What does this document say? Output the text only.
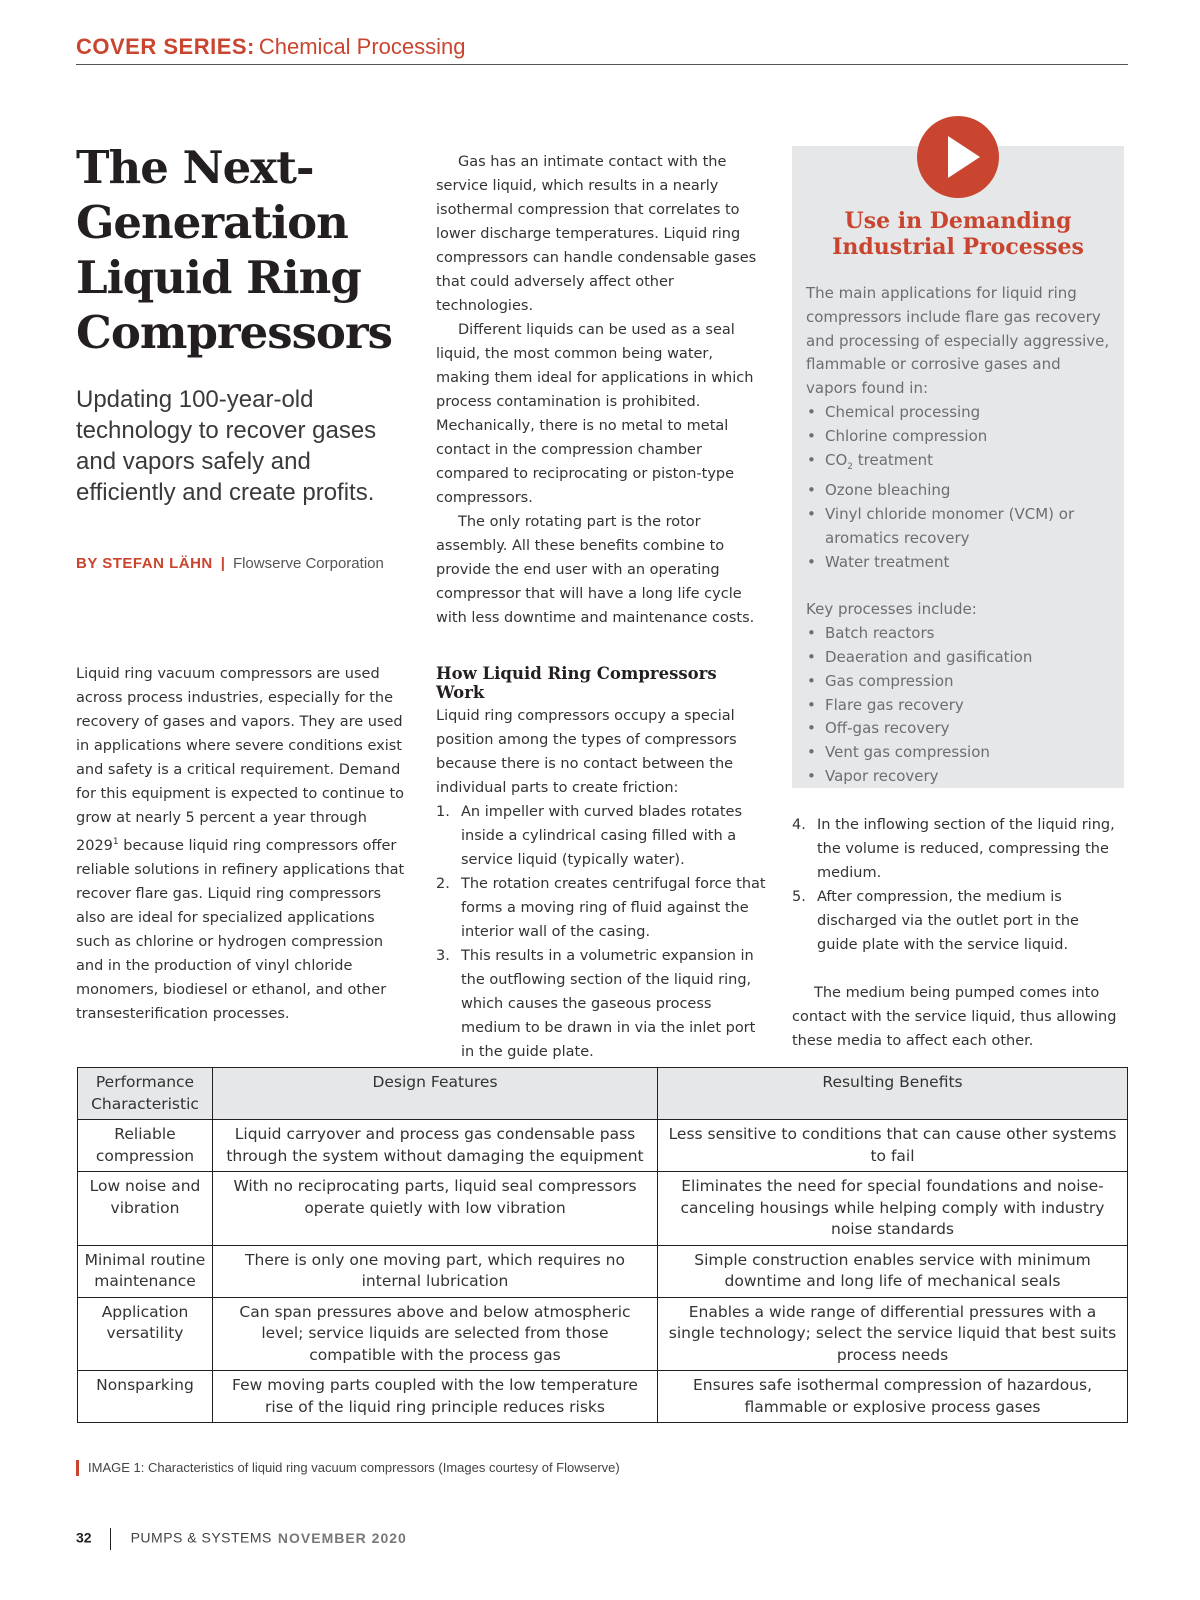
COVER SERIES: Chemical Processing
The Next-Generation Liquid Ring Compressors

Updating 100-year-old technology to recover gases and vapors safely and efficiently and create profits.

BY STEFAN LÄHN | Flowserve Corporation

Liquid ring vacuum compressors are used across process industries, especially for the recovery of gases and vapors. They are used in applications where severe conditions exist and safety is a critical requirement. Demand for this equipment is expected to continue to grow at nearly 5 percent a year through 2029$^1$ because liquid ring compressors offer reliable solutions in refinery applications that recover flare gas. Liquid ring compressors also are ideal for specialized applications such as chlorine or hydrogen compression and in the production of vinyl chloride monomers, biodiesel or ethanol, and other transesterification processes.

Gas has an intimate contact with the service liquid, which results in a nearly isothermal compression that correlates to lower discharge temperatures. Liquid ring compressors can handle condensable gases that could adversely affect other technologies.

Different liquids can be used as a seal liquid, the most common being water, making them ideal for applications in which process contamination is prohibited. Mechanically, there is no metal to metal contact in the compression chamber compared to reciprocating or piston-type compressors.

The only rotating part is the rotor assembly. All these benefits combine to provide the end user with an operating compressor that will have a long life cycle with less downtime and maintenance costs.

How Liquid Ring Compressors Work

Liquid ring compressors occupy a special position among the types of compressors because there is no contact between the individual parts to create friction:

1. An impeller with curved blades rotates inside a cylindrical casing filled with a service liquid (typically water).
2. The rotation creates centrifugal force that forms a moving ring of fluid against the interior wall of the casing.
3. This results in a volumetric expansion in the outflowing section of the liquid ring, which causes the gaseous process medium to be drawn in via the inlet port in the guide plate.
Use in Demanding
Industrial Processes

The main applications for liquid ring compressors include flare gas recovery and processing of especially aggressive, flammable or corrosive gases and vapors found in:

• Chemical processing
• Chlorine compression
• $CO_2$ treatment
• Ozone bleaching
• Vinyl chloride monomer (VCM) or aromatics recovery
• Water treatment

Key processes include:

• Batch reactors
• Deaeration and gasification
• Gas compression
• Flare gas recovery
• Off-gas recovery
• Vent gas compression
• Vapor recovery
4. In the inflowing section of the liquid ring, the volume is reduced, compressing the medium.
5. After compression, the medium is discharged via the outlet port in the guide plate with the service liquid.

The medium being pumped comes into contact with the service liquid, thus allowing these media to affect each other.

Performance Characteristic	Design Features	Resulting Benefits
Reliable compression	Liquid carryover and process gas condensable pass through the system without damaging the equipment	Less sensitive to conditions that can cause other systems to fail
Low noise and vibration	With no reciprocating parts, liquid seal compressors operate quietly with low vibration	Eliminates the need for special foundations and noise-canceling housings while helping comply with industry noise standards
Minimal routine maintenance	There is only one moving part, which requires no internal lubrication	Simple construction enables service with minimum downtime and long life of mechanical seals
Application versatility	Can span pressures above and below atmospheric level; service liquids are selected from those compatible with the process gas	Enables a wide range of differential pressures with a single technology; select the service liquid that best suits process needs
Nonsparking	Few moving parts coupled with the low temperature rise of the liquid ring principle reduces risks	Ensures safe isothermal compression of hazardous, flammable or explosive process gases
IMAGE 1: Characteristics of liquid ring vacuum compressors (Images courtesy of Flowserve)
32	PUMPS & SYSTEMS NOVEMBER 2020
